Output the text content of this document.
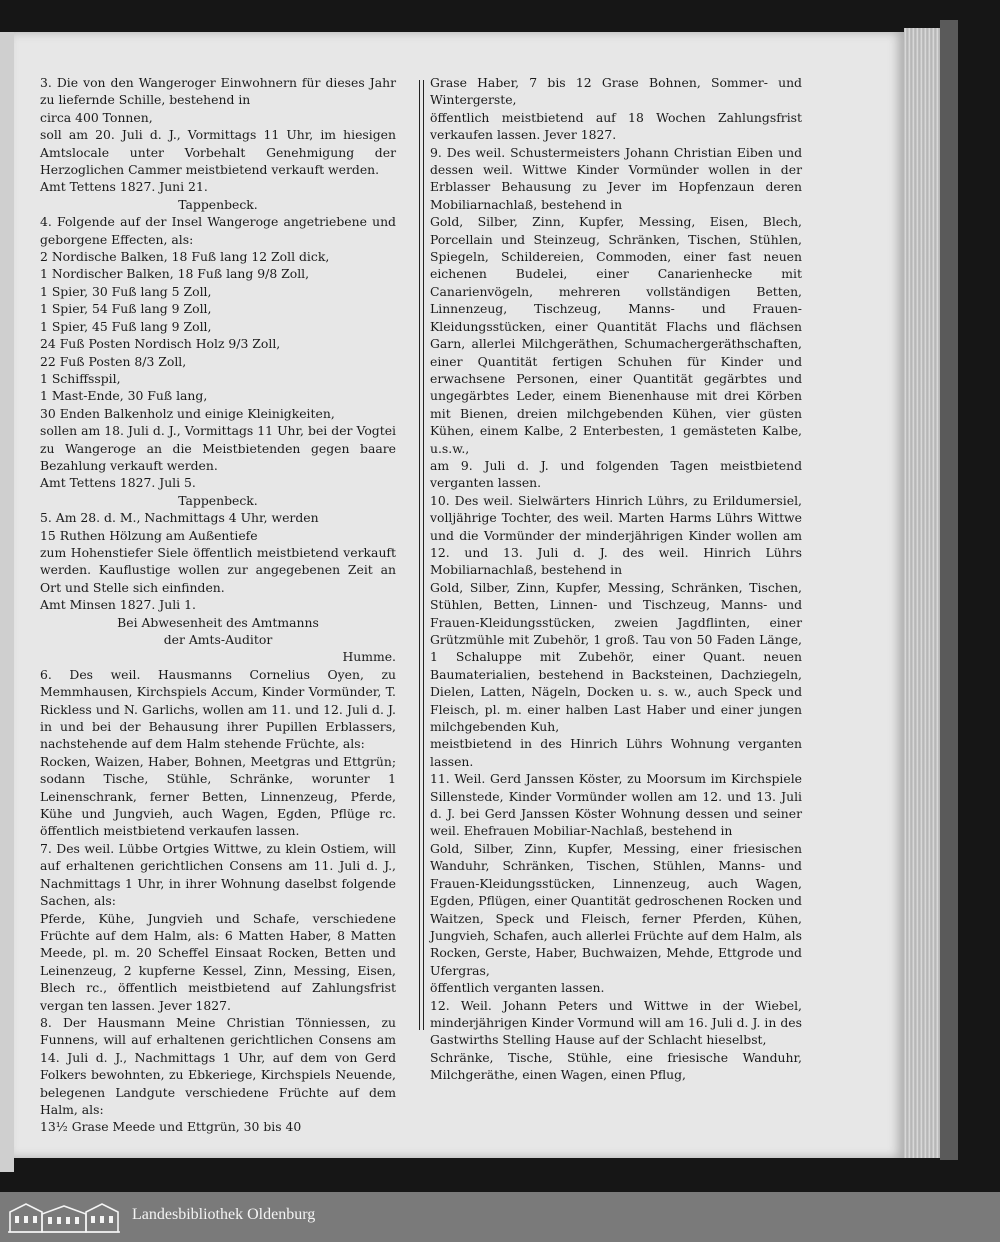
3. Die von den Wangeroger Einwohnern für dieses Jahr zu liefernde Schille, bestehend in
circa 400 Tonnen,
soll am 20. Juli d. J., Vormittags 11 Uhr, im hiesigen Amtslocale unter Vorbehalt Genehmigung der Herzoglichen Cammer meistbietend verkauft werden.
Amt Tettens 1827. Juni 21.

Tappenbeck.

4. Folgende auf der Insel Wangeroge angetriebene und geborgene Effecten, als:
2 Nordische Balken, 18 Fuß lang 12 Zoll dick,
1 Nordischer Balken, 18 Fuß lang 9/8 Zoll,
1 Spier, 30 Fuß lang 5 Zoll,
1 Spier, 54 Fuß lang 9 Zoll,
1 Spier, 45 Fuß lang 9 Zoll,
24 Fuß Posten Nordisch Holz 9/3 Zoll,
22 Fuß Posten 8/3 Zoll,
1 Schiffsspil,
1 Mast-Ende, 30 Fuß lang,
30 Enden Balkenholz und einige Kleinigkeiten,
sollen am 18. Juli d. J., Vormittags 11 Uhr, bei der Vogtei zu Wangeroge an die Meistbietenden gegen baare Bezahlung verkauft werden.
Amt Tettens 1827. Juli 5.

Tappenbeck.

5. Am 28. d. M., Nachmittags 4 Uhr, werden
15 Ruthen Hölzung am Außentiefe
zum Hohenstiefer Siele öffentlich meistbietend verkauft werden. Kauflustige wollen zur angegebenen Zeit an Ort und Stelle sich einfinden.
Amt Minsen 1827. Juli 1.

Bei Abwesenheit des Amtmanns
der Amts-Auditor

Humme.

6. Des weil. Hausmanns Cornelius Oyen, zu Memmhausen, Kirchspiels Accum, Kinder Vormünder, T. Rickless und N. Garlichs, wollen am 11. und 12. Juli d. J. in und bei der Behausung ihrer Pupillen Erblassers, nachstehende auf dem Halm stehende Früchte, als:
Rocken, Waizen, Haber, Bohnen, Meetgras und Ettgrün; sodann Tische, Stühle, Schränke, worunter 1 Leinenschrank, ferner Betten, Linnenzeug, Pferde, Kühe und Jungvieh, auch Wagen, Egden, Pflüge rc. öffentlich meistbietend verkaufen lassen.

7. Des weil. Lübbe Ortgies Wittwe, zu klein Ostiem, will auf erhaltenen gerichtlichen Consens am 11. Juli d. J., Nachmittags 1 Uhr, in ihrer Wohnung daselbst folgende Sachen, als:
Pferde, Kühe, Jungvieh und Schafe, verschiedene Früchte auf dem Halm, als: 6 Matten Haber, 8 Matten Meede, pl. m. 20 Scheffel Einsaat Rocken, Betten und Leinenzeug, 2 kupferne Kessel, Zinn, Messing, Eisen, Blech rc., öffentlich meistbietend auf Zahlungsfrist vergan ten lassen. Jever 1827.

8. Der Hausmann Meine Christian Tönniessen, zu Funnens, will auf erhaltenen gerichtlichen Consens am 14. Juli d. J., Nachmittags 1 Uhr, auf dem von Gerd Folkers bewohnten, zu Ebkeriege, Kirchspiels Neuende, belegenen Landgute verschiedene Früchte auf dem Halm, als:
13½ Grase Meede und Ettgrün, 30 bis 40

Grase Haber, 7 bis 12 Grase Bohnen, Sommer- und Wintergerste,
öffentlich meistbietend auf 18 Wochen Zahlungsfrist verkaufen lassen. Jever 1827.

9. Des weil. Schustermeisters Johann Christian Eiben und dessen weil. Wittwe Kinder Vormünder wollen in der Erblasser Behausung zu Jever im Hopfenzaun deren Mobiliarnachlaß, bestehend in
Gold, Silber, Zinn, Kupfer, Messing, Eisen, Blech, Porcellain und Steinzeug, Schränken, Tischen, Stühlen, Spiegeln, Schildereien, Commoden, einer fast neuen eichenen Budelei, einer Canarienhecke mit Canarienvögeln, mehreren vollständigen Betten, Linnenzeug, Tischzeug, Manns- und Frauen-Kleidungsstücken, einer Quantität Flachs und flächsen Garn, allerlei Milchgeräthen, Schumachergeräthschaften, einer Quantität fertigen Schuhen für Kinder und erwachsene Personen, einer Quantität gegärbtes und ungegärbtes Leder, einem Bienenhause mit drei Körben mit Bienen, dreien milchgebenden Kühen, vier güsten Kühen, einem Kalbe, 2 Enterbesten, 1 gemästeten Kalbe, u.s.w.,
am 9. Juli d. J. und folgenden Tagen meistbietend verganten lassen.

10. Des weil. Sielwärters Hinrich Lührs, zu Erildumersiel, volljährige Tochter, des weil. Marten Harms Lührs Wittwe und die Vormünder der minderjährigen Kinder wollen am 12. und 13. Juli d. J. des weil. Hinrich Lührs Mobiliarnachlaß, bestehend in
Gold, Silber, Zinn, Kupfer, Messing, Schränken, Tischen, Stühlen, Betten, Linnen- und Tischzeug, Manns- und Frauen-Kleidungsstücken, zweien Jagdflinten, einer Grützmühle mit Zubehör, 1 groß. Tau von 50 Faden Länge, 1 Schaluppe mit Zubehör, einer Quant. neuen Baumaterialien, bestehend in Backsteinen, Dachziegeln, Dielen, Latten, Nägeln, Docken u. s. w., auch Speck und Fleisch, pl. m. einer halben Last Haber und einer jungen milchgebenden Kuh,
meistbietend in des Hinrich Lührs Wohnung verganten lassen.

11. Weil. Gerd Janssen Köster, zu Moorsum im Kirchspiele Sillenstede, Kinder Vormünder wollen am 12. und 13. Juli d. J. bei Gerd Janssen Köster Wohnung dessen und seiner weil. Ehefrauen Mobiliar-Nachlaß, bestehend in
Gold, Silber, Zinn, Kupfer, Messing, einer friesischen Wanduhr, Schränken, Tischen, Stühlen, Manns- und Frauen-Kleidungsstücken, Linnenzeug, auch Wagen, Egden, Pflügen, einer Quantität gedroschenen Rocken und Waitzen, Speck und Fleisch, ferner Pferden, Kühen, Jungvieh, Schafen, auch allerlei Früchte auf dem Halm, als Rocken, Gerste, Haber, Buchwaizen, Mehde, Ettgrode und Ufergras,
öffentlich verganten lassen.

12. Weil. Johann Peters und Wittwe in der Wiebel, minderjährigen Kinder Vormund will am 16. Juli d. J. in des Gastwirths Stelling Hause auf der Schlacht hieselbst,
Schränke, Tische, Stühle, eine friesische Wanduhr, Milchgeräthe, einen Wagen, einen Pflug,

Landesbibliothek Oldenburg
